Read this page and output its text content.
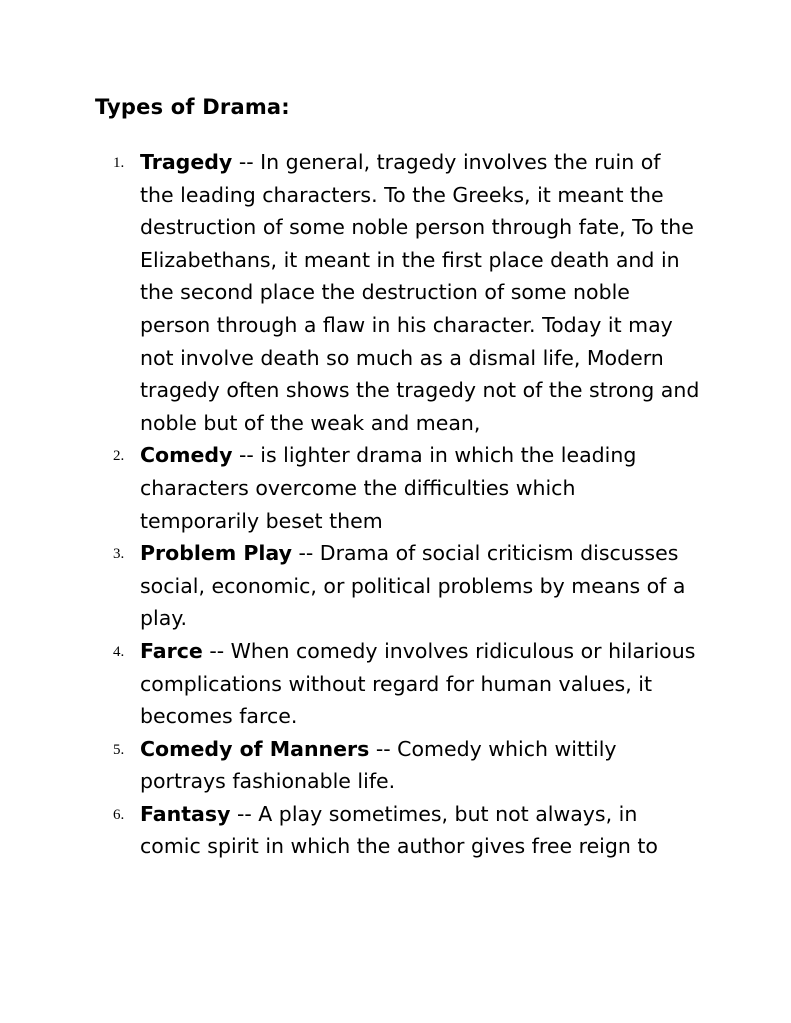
Types of Drama:
1. Tragedy -- In general, tragedy involves the ruin of the leading characters. To the Greeks, it meant the destruction of some noble person through fate, To the Elizabethans, it meant in the first place death and in the second place the destruction of some noble person through a flaw in his character. Today it may not involve death so much as a dismal life, Modern tragedy often shows the tragedy not of the strong and noble but of the weak and mean,
2. Comedy -- is lighter drama in which the leading characters overcome the difficulties which temporarily beset them
3. Problem Play -- Drama of social criticism discusses social, economic, or political problems by means of a play.
4. Farce -- When comedy involves ridiculous or hilarious complications without regard for human values, it becomes farce.
5. Comedy of Manners -- Comedy which wittily portrays fashionable life.
6. Fantasy -- A play sometimes, but not always, in comic spirit in which the author gives free reign to
